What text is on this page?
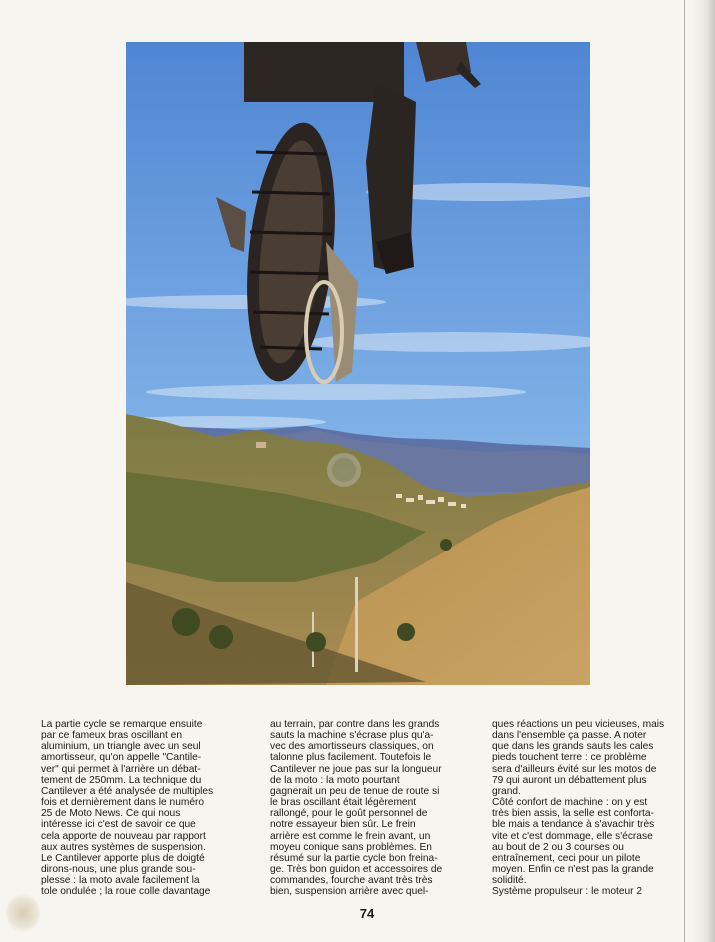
La partie cycle se remarque ensuite
par ce fameux bras oscillant en
aluminium, un triangle avec un seul
amortisseur, qu'on appelle "Cantile-
ver" qui permet à l'arrière un débat-
tement de 250mm. La technique du
Cantilever a été analysée de multiples
fois et dernièrement dans le numéro
25 de Moto News. Ce qui nous
intéresse ici c'est de savoir ce que
cela apporte de nouveau par rapport
aux autres systèmes de suspension.
Le Cantilever apporte plus de doigté
dirons-nous, une plus grande sou-
plesse : la moto avale facilement la
tole ondulée ; la roue colle davantage

au terrain, par contre dans les grands
sauts la machine s'écrase plus qu'a-
vec des amortisseurs classiques, on
talonne plus facilement. Toutefois le
Cantilever ne joue pas sur la longueur
de la moto : la moto pourtant
gagnerait un peu de tenue de route si
le bras oscillant était légèrement
rallongé, pour le goût personnel de
notre essayeur bien sûr. Le frein
arrière est comme le frein avant, un
moyeu conique sans problèmes. En
résumé sur la partie cycle bon freina-
ge. Très bon guidon et accessoires de
commandes, fourche avant très très
bien, suspension arrière avec quel-

ques réactions un peu vicieuses, mais
dans l'ensemble ça passe. A noter
que dans les grands sauts les cales
pieds touchent terre : ce problème
sera d'ailleurs évité sur les motos de
79 qui auront un débattement plus
grand.
Côté confort de machine : on y est
très bien assis, la selle est conforta-
ble mais a tendance à s'avachir très
vite et c'est dommage, elle s'écrase
au bout de 2 ou 3 courses ou
entraînement, ceci pour un pilote
moyen. Enfin ce n'est pas la grande
solidité.
Système propulseur : le moteur 2

74
